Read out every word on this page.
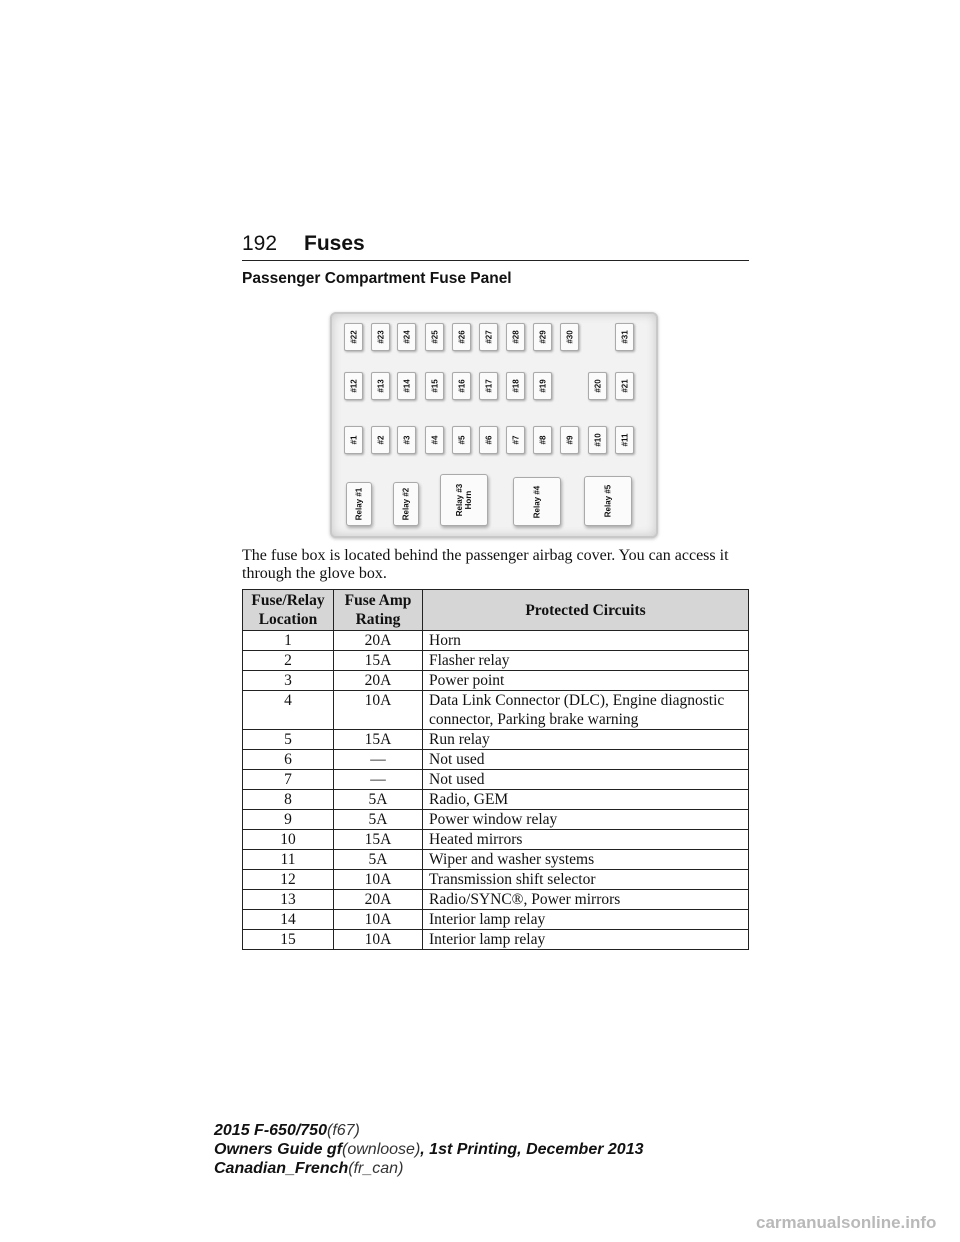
192 Fuses
Passenger Compartment Fuse Panel
#22 #23 #24 #25 #26 #27 #28 #29 #30	#31
#12 #13 #14 #15 #16 #17 #18 #19	#20 #21
#1 #2 #3 #4 #5 #6 #7 #8 #9 #10 #11
Relay #1	Relay #2	Relay #3 Horn	Relay #4	Relay #5
The fuse box is located behind the passenger airbag cover. You can access it through the glove box.
Fuse/Relay Location	Fuse Amp Rating	Protected Circuits
1	20A	Horn
2	15A	Flasher relay
3	20A	Power point
4	10A	Data Link Connector (DLC), Engine diagnostic connector, Parking brake warning
5	15A	Run relay
6	—	Not used
7	—	Not used
8	5A	Radio, GEM
9	5A	Power window relay
10	15A	Heated mirrors
11	5A	Wiper and washer systems
12	10A	Transmission shift selector
13	20A	Radio/SYNC®, Power mirrors
14	10A	Interior lamp relay
15	10A	Interior lamp relay
2015 F-650/750(f67)
Owners Guide gf(ownloose), 1st Printing, December 2013
Canadian_French(fr_can)
carmanualsonline.info
